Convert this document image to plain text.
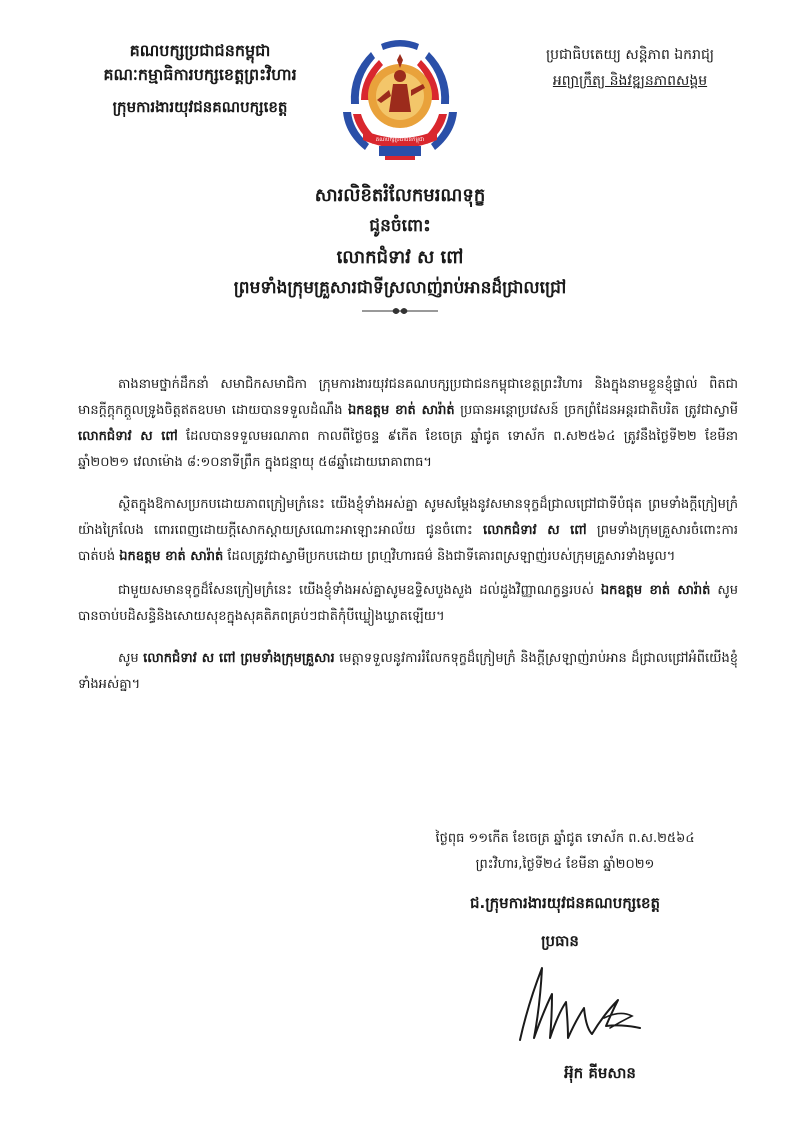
គណបក្សប្រជាជនកម្ពុជា
គណៈកម្មាធិការបក្សខេត្តព្រះវិហារ
ក្រុមការងារយុវជនគណបក្សខេត្ត
គណបក្សប្រជាជនកម្ពុជា
ប្រជាធិបតេយ្យ សន្តិភាព ឯករាជ្យ
អព្យាក្រឹត្យ និងវឌ្ឍនភាពសង្គម
សារលិខិតរំលែកមរណទុក្ខ
ជូនចំពោះ
លោកជំទាវ ស ពៅ
ព្រមទាំងក្រុមគ្រួសារជាទីស្រលាញ់រាប់អានដ៏ជ្រាលជ្រៅ

តាងនាមថ្នាក់ដឹកនាំ សមាជិកសមាជិកា ក្រុមការងារយុវជនគណបក្សប្រជាជនកម្ពុជាខេត្តព្រះវិហារ និងក្នុងនាមខ្លួនខ្ញុំផ្ទាល់ ពិតជាមានក្តីក្តុកក្តួលទ្រូងចិត្តឥតឧបមា ដោយបានទទួលដំណឹង ឯកឧត្តម ខាត់ សារ៉ាត់ ប្រធានអន្តោប្រវេសន៍ ច្រកព្រំដែនអន្តរជាតិបរិត ត្រូវជាស្វាមី លោកជំទាវ ស ពៅ ដែលបានទទួលមរណភាព កាលពីថ្ងៃចន្ទ ៩កើត ខែចេត្រ ឆ្នាំជូត ទោស័ក ព.ស២៥៦៤ ត្រូវនឹងថ្ងៃទី២២ ខែមីនា ឆ្នាំ២០២១ វេលាម៉ោង ៨:១០នាទីព្រឹក ក្នុងជន្មាយុ ៥៨ឆ្នាំដោយរោគាពាធ។

ស្ថិតក្នុងឱកាសប្រកបដោយភាពក្រៀមក្រំនេះ យើងខ្ញុំទាំងអស់គ្នា សូមសម្តែងនូវសមានទុក្ខដ៏ជ្រាលជ្រៅជាទីបំផុត ព្រមទាំងក្តីក្រៀមក្រំយ៉ាងក្រៃលែង ពោរពេញដោយក្តីសោកស្តាយស្រណោះអាឡោះអាល័យ ជូនចំពោះ លោកជំទាវ ស ពៅ ព្រមទាំងក្រុមគ្រួសារចំពោះការបាត់បង់ ឯកឧត្តម ខាត់ សារ៉ាត់ ដែលត្រូវជាស្វាមីប្រកបដោយ ព្រហ្មវិហារធម៌ និងជាទីគោរពស្រឡាញ់របស់ក្រុមគ្រួសារទាំងមូល។

ជាមួយសមានទុក្ខដ៏សែនក្រៀមក្រំនេះ យើងខ្ញុំទាំងអស់គ្នាសូមឧទ្ទិសបួងសួង ដល់ដួងវិញ្ញាណក្ខន្ធរបស់ ឯកឧត្តម ខាត់ សារ៉ាត់ សូមបានចាប់បដិសន្ធិនិងសោយសុខក្នុងសុគតិភពគ្រប់ៗជាតិកុំបីឃ្លៀងឃ្លាតឡើយ។

សូម លោកជំទាវ ស ពៅ ព្រមទាំងក្រុមគ្រួសារ មេត្តាទទួលនូវការរំលែកទុក្ខដ៏ក្រៀមក្រំ និងក្តីស្រឡាញ់រាប់អាន ដ៏ជ្រាលជ្រៅអំពីយើងខ្ញុំទាំងអស់គ្នា។

ថ្ងៃពុធ ១១កើត ខែចេត្រ ឆ្នាំជូត ទោស័ក ព.ស.២៥៦៤
ព្រះវិហារ,ថ្ងៃទី២៤ ខែមីនា ឆ្នាំ២០២១
ជ.ក្រុមការងារយុវជនគណបក្សខេត្ត
ប្រធាន
អ៊ុក គីមសាន
